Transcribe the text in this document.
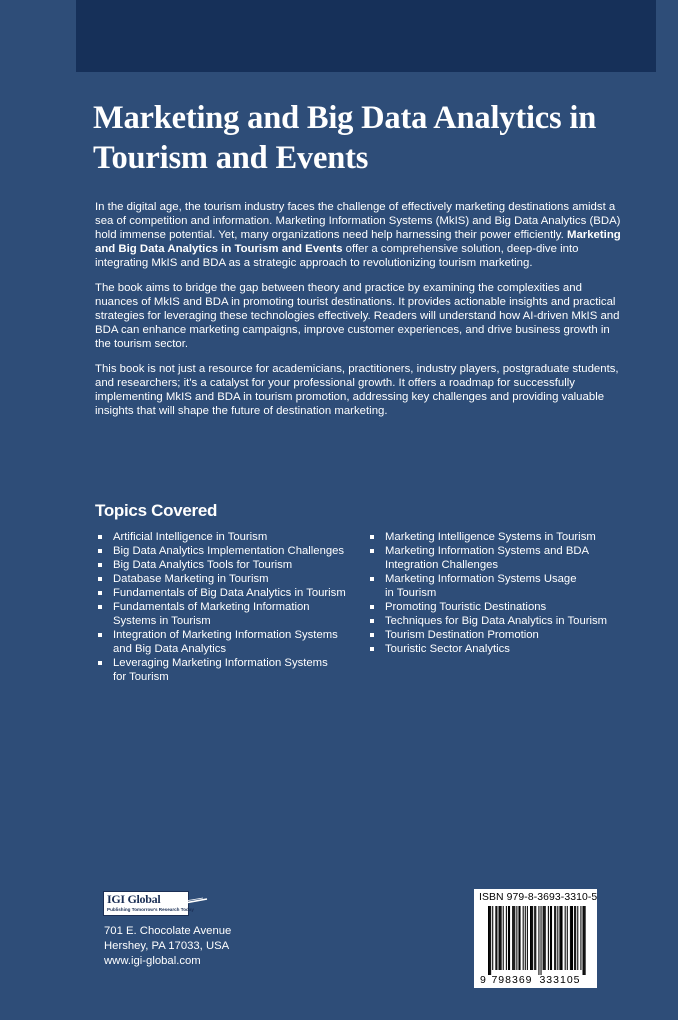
Marketing and Big Data Analytics in
Tourism and Events

In the digital age, the tourism industry faces the challenge of effectively marketing destinations amidst a sea of competition and information. Marketing Information Systems (MkIS) and Big Data Analytics (BDA) hold immense potential. Yet, many organizations need help harnessing their power efficiently. Marketing and Big Data Analytics in Tourism and Events offer a comprehensive solution, deep-dive into integrating MkIS and BDA as a strategic approach to revolutionizing tourism marketing.

The book aims to bridge the gap between theory and practice by examining the complexities and nuances of MkIS and BDA in promoting tourist destinations. It provides actionable insights and practical strategies for leveraging these technologies effectively. Readers will understand how AI-driven MkIS and BDA can enhance marketing campaigns, improve customer experiences, and drive business growth in the tourism sector.

This book is not just a resource for academicians, practitioners, industry players, postgraduate students, and researchers; it's a catalyst for your professional growth. It offers a roadmap for successfully implementing MkIS and BDA in tourism promotion, addressing key challenges and providing valuable insights that will shape the future of destination marketing.

Topics Covered
Artificial Intelligence in Tourism
Big Data Analytics Implementation Challenges
Big Data Analytics Tools for Tourism
Database Marketing in Tourism
Fundamentals of Big Data Analytics in Tourism
Fundamentals of Marketing Information
Systems in Tourism
Integration of Marketing Information Systems
and Big Data Analytics
Leveraging Marketing Information Systems
for Tourism
Marketing Intelligence Systems in Tourism
Marketing Information Systems and BDA
Integration Challenges
Marketing Information Systems Usage
in Tourism
Promoting Touristic Destinations
Techniques for Big Data Analytics in Tourism
Tourism Destination Promotion
Touristic Sector Analytics
IGI Global
Publishing Tomorrow's Research Today
701 E. Chocolate Avenue
Hershey, PA 17033, USA
www.igi-global.com
ISBN 979-8-3693-3310-5
9 798369 333105
